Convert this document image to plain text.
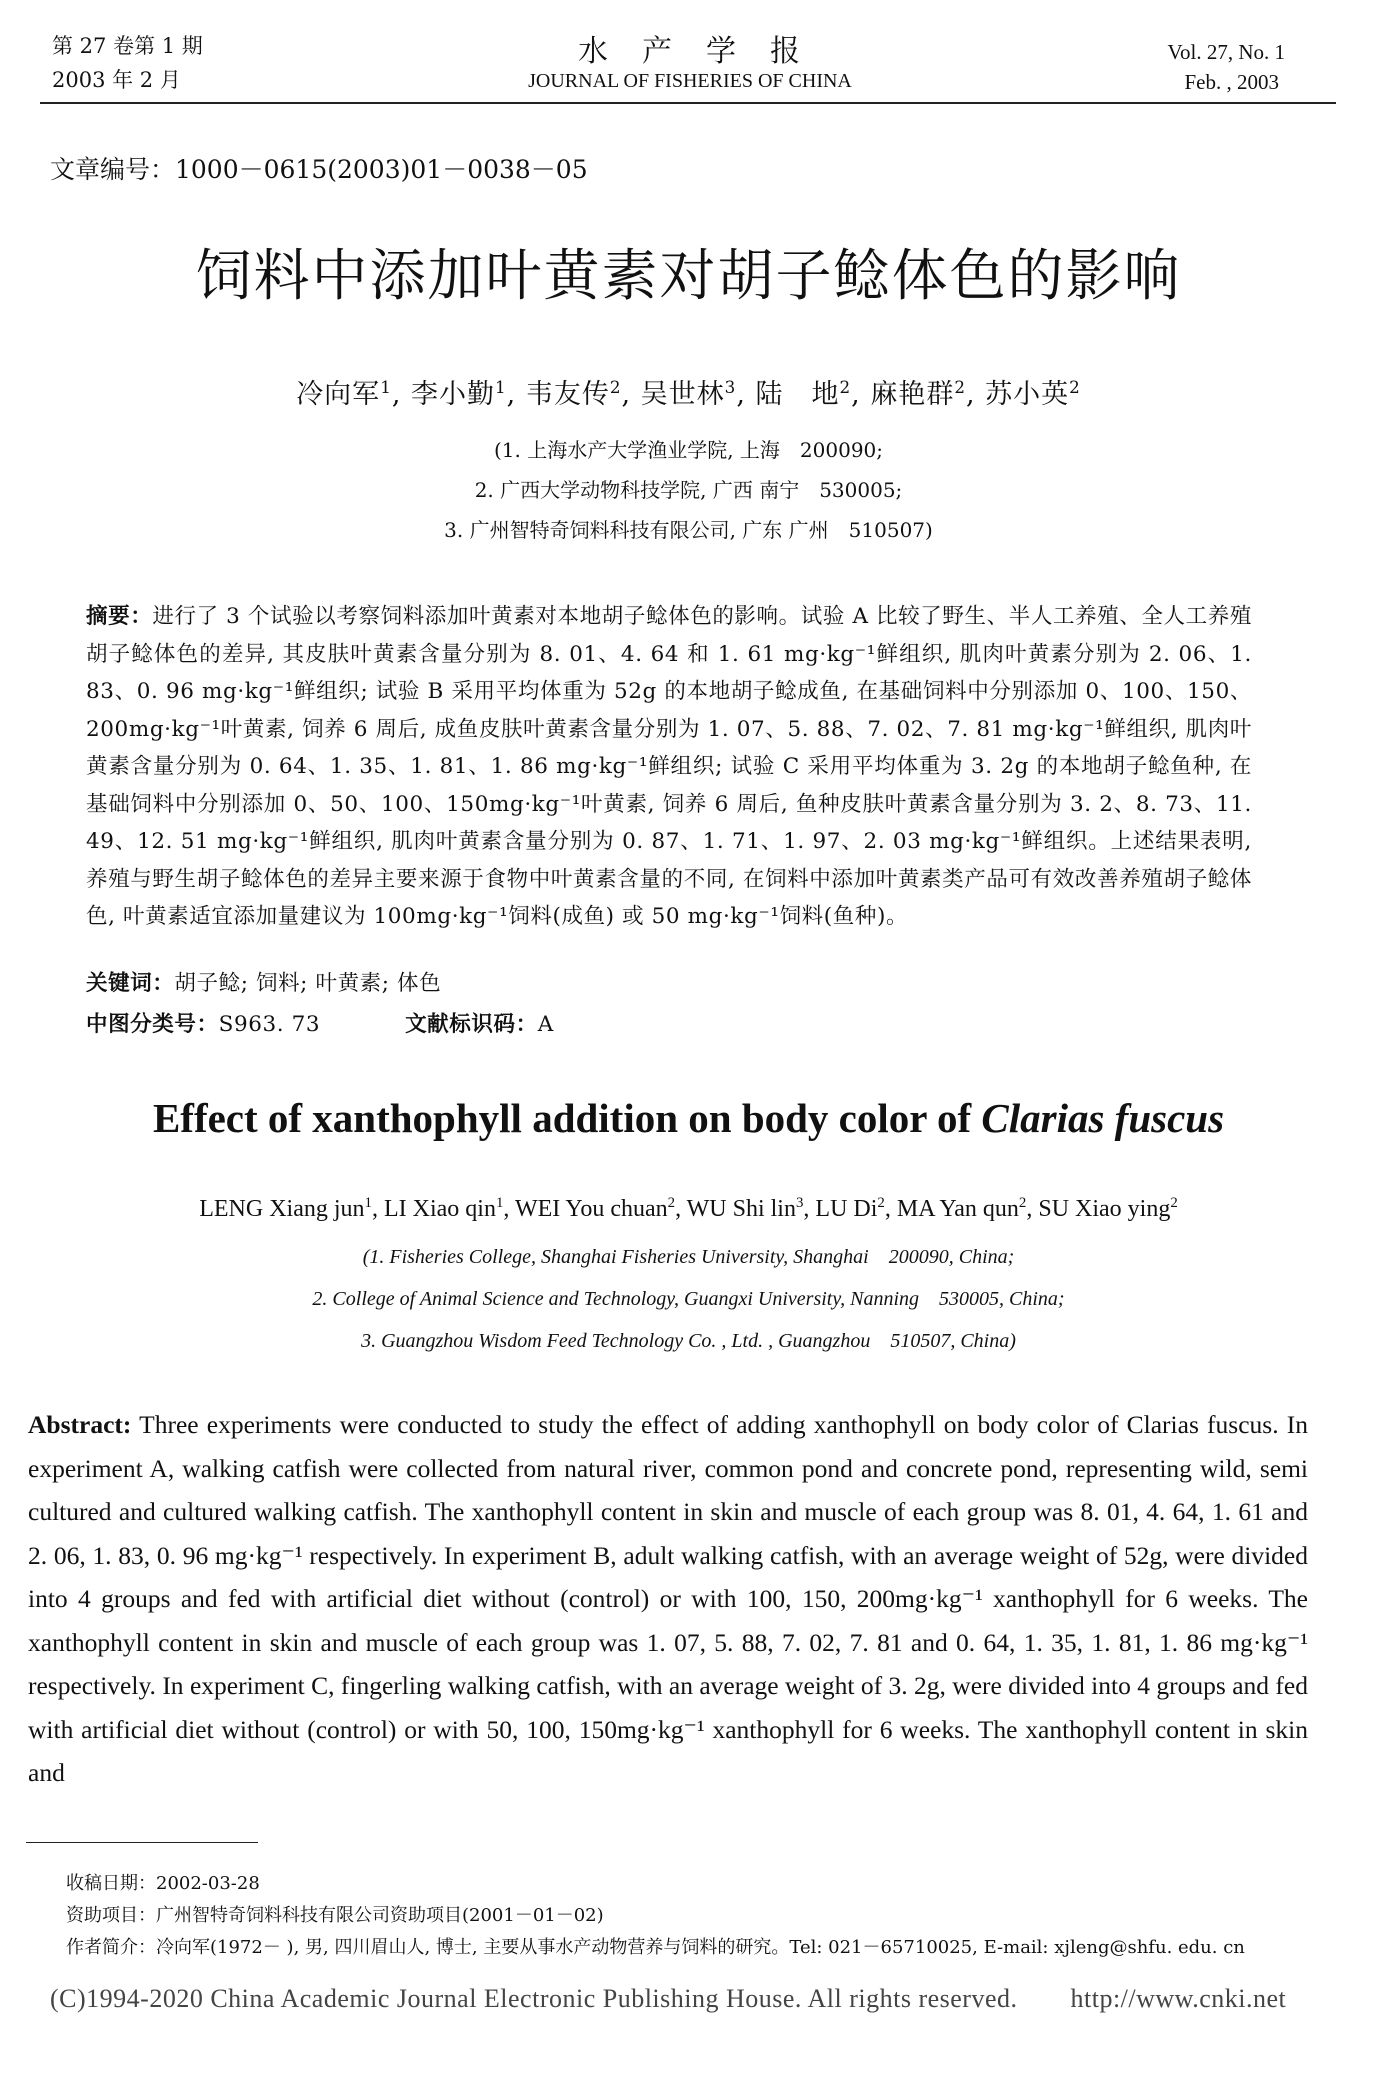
第 27 卷第 1 期
2003 年 2 月
水　产　学　报
JOURNAL OF FISHERIES OF CHINA
Vol. 27, No. 1
Feb. , 2003
文章编号：1000－0615(2003)01－0038－05
饲料中添加叶黄素对胡子鲶体色的影响
冷向军$^1$, 李小勤$^1$, 韦友传$^2$, 吴世林$^3$, 陆　地$^2$, 麻艳群$^2$, 苏小英$^2$
(1. 上海水产大学渔业学院, 上海　200090;
2. 广西大学动物科技学院, 广西 南宁　530005;
3. 广州智特奇饲料科技有限公司, 广东 广州　510507)
摘要：进行了 3 个试验以考察饲料添加叶黄素对本地胡子鲶体色的影响。试验 A 比较了野生、半人工养殖、全人工养殖胡子鲶体色的差异, 其皮肤叶黄素含量分别为 8. 01、4. 64 和 1. 61 mg·kg⁻¹鲜组织, 肌肉叶黄素分别为 2. 06、1. 83、0. 96 mg·kg⁻¹鲜组织; 试验 B 采用平均体重为 52g 的本地胡子鲶成鱼, 在基础饲料中分别添加 0、100、150、200mg·kg⁻¹叶黄素, 饲养 6 周后, 成鱼皮肤叶黄素含量分别为 1. 07、5. 88、7. 02、7. 81 mg·kg⁻¹鲜组织, 肌肉叶黄素含量分别为 0. 64、1. 35、1. 81、1. 86 mg·kg⁻¹鲜组织; 试验 C 采用平均体重为 3. 2g 的本地胡子鲶鱼种, 在基础饲料中分别添加 0、50、100、150mg·kg⁻¹叶黄素, 饲养 6 周后, 鱼种皮肤叶黄素含量分别为 3. 2、8. 73、11. 49、12. 51 mg·kg⁻¹鲜组织, 肌肉叶黄素含量分别为 0. 87、1. 71、1. 97、2. 03 mg·kg⁻¹鲜组织。上述结果表明, 养殖与野生胡子鲶体色的差异主要来源于食物中叶黄素含量的不同, 在饲料中添加叶黄素类产品可有效改善养殖胡子鲶体色, 叶黄素适宜添加量建议为 100mg·kg⁻¹饲料(成鱼) 或 50 mg·kg⁻¹饲料(鱼种)。
关键词：胡子鲶; 饲料; 叶黄素; 体色
中图分类号：S963. 73	文献标识码：A
Effect of xanthophyll addition on body color of Clarias fuscus
LENG Xiang jun$^1$, LI Xiao qin$^1$, WEI You chuan$^2$, WU Shi lin$^3$, LU Di$^2$, MA Yan qun$^2$, SU Xiao ying$^2$
(1. Fisheries College, Shanghai Fisheries University, Shanghai　200090, China;
2. College of Animal Science and Technology, Guangxi University, Nanning　530005, China;
3. Guangzhou Wisdom Feed Technology Co. , Ltd. , Guangzhou　510507, China)
Abstract: Three experiments were conducted to study the effect of adding xanthophyll on body color of Clarias fuscus. In experiment A, walking catfish were collected from natural river, common pond and concrete pond, representing wild, semi cultured and cultured walking catfish. The xanthophyll content in skin and muscle of each group was 8. 01, 4. 64, 1. 61 and 2. 06, 1. 83, 0. 96 mg·kg⁻¹ respectively. In experiment B, adult walking catfish, with an average weight of 52g, were divided into 4 groups and fed with artificial diet without (control) or with 100, 150, 200mg·kg⁻¹ xanthophyll for 6 weeks. The xanthophyll content in skin and muscle of each group was 1. 07, 5. 88, 7. 02, 7. 81 and 0. 64, 1. 35, 1. 81, 1. 86 mg·kg⁻¹ respectively. In experiment C, fingerling walking catfish, with an average weight of 3. 2g, were divided into 4 groups and fed with artificial diet without (control) or with 50, 100, 150mg·kg⁻¹ xanthophyll for 6 weeks. The xanthophyll content in skin and
收稿日期：2002-03-28
资助项目：广州智特奇饲料科技有限公司资助项目(2001－01－02)
作者简介：冷向军(1972－ ), 男, 四川眉山人, 博士, 主要从事水产动物营养与饲料的研究。Tel: 021－65710025, E-mail: xjleng@shfu. edu. cn
(C)1994-2020 China Academic Journal Electronic Publishing House. All rights reserved.　　http://www.cnki.net
